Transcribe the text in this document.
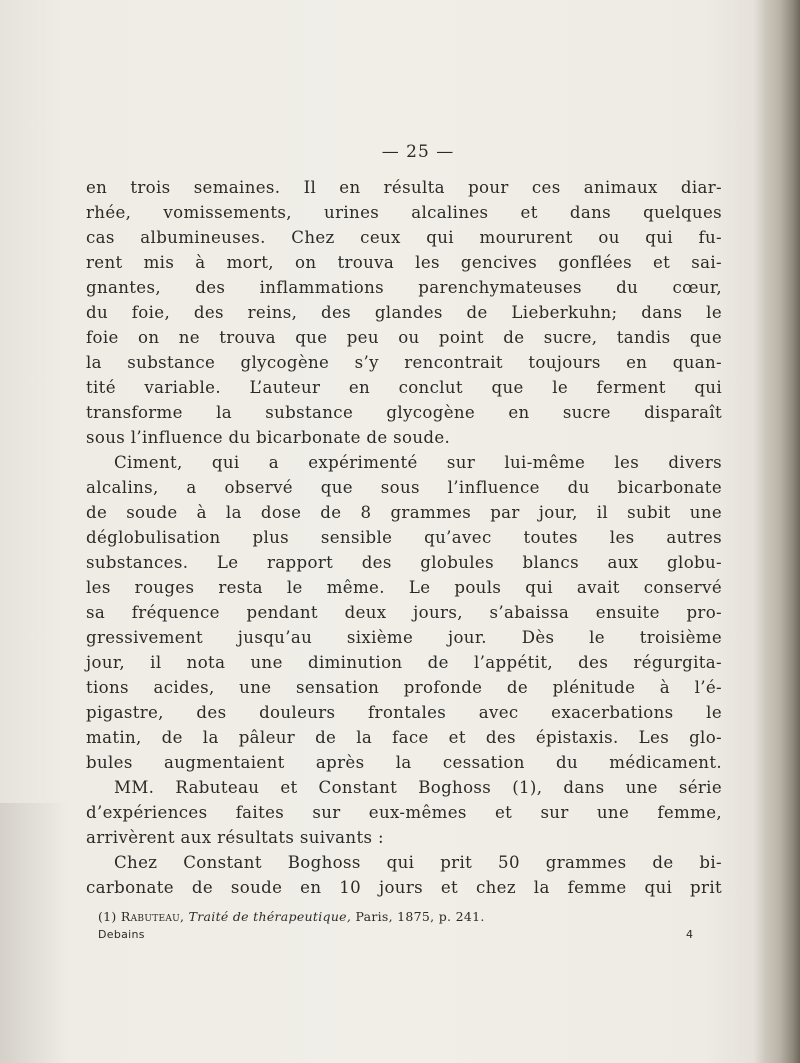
— 25 —
en trois semaines. Il en résulta pour ces animaux diar-
rhée, vomissements, urines alcalines et dans quelques
cas albumineuses. Chez ceux qui moururent ou qui fu-
rent mis à mort, on trouva les gencives gonflées et sai-
gnantes, des inflammations parenchymateuses du cœur,
du foie, des reins, des glandes de Lieberkuhn; dans le
foie on ne trouva que peu ou point de sucre, tandis que
la substance glycogène s’y rencontrait toujours en quan-
tité variable. L’auteur en conclut que le ferment qui
transforme la substance glycogène en sucre disparaît
sous l’influence du bicarbonate de soude.
Ciment, qui a expérimenté sur lui-même les divers
alcalins, a observé que sous l’influence du bicarbonate
de soude à la dose de 8 grammes par jour, il subit une
déglobulisation plus sensible qu’avec toutes les autres
substances. Le rapport des globules blancs aux globu-
les rouges resta le même. Le pouls qui avait conservé
sa fréquence pendant deux jours, s’abaissa ensuite pro-
gressivement jusqu’au sixième jour. Dès le troisième
jour, il nota une diminution de l’appétit, des régurgita-
tions acides, une sensation profonde de plénitude à l’é-
pigastre, des douleurs frontales avec exacerbations le
matin, de la pâleur de la face et des épistaxis. Les glo-
bules augmentaient après la cessation du médicament.
MM. Rabuteau et Constant Boghoss (1), dans une série
d’expériences faites sur eux-mêmes et sur une femme,
arrivèrent aux résultats suivants :
Chez Constant Boghoss qui prit 50 grammes de bi-
carbonate de soude en 10 jours et chez la femme qui prit
(1) Rabuteau, Traité de thérapeutique, Paris, 1875, p. 241.
Debains	4
